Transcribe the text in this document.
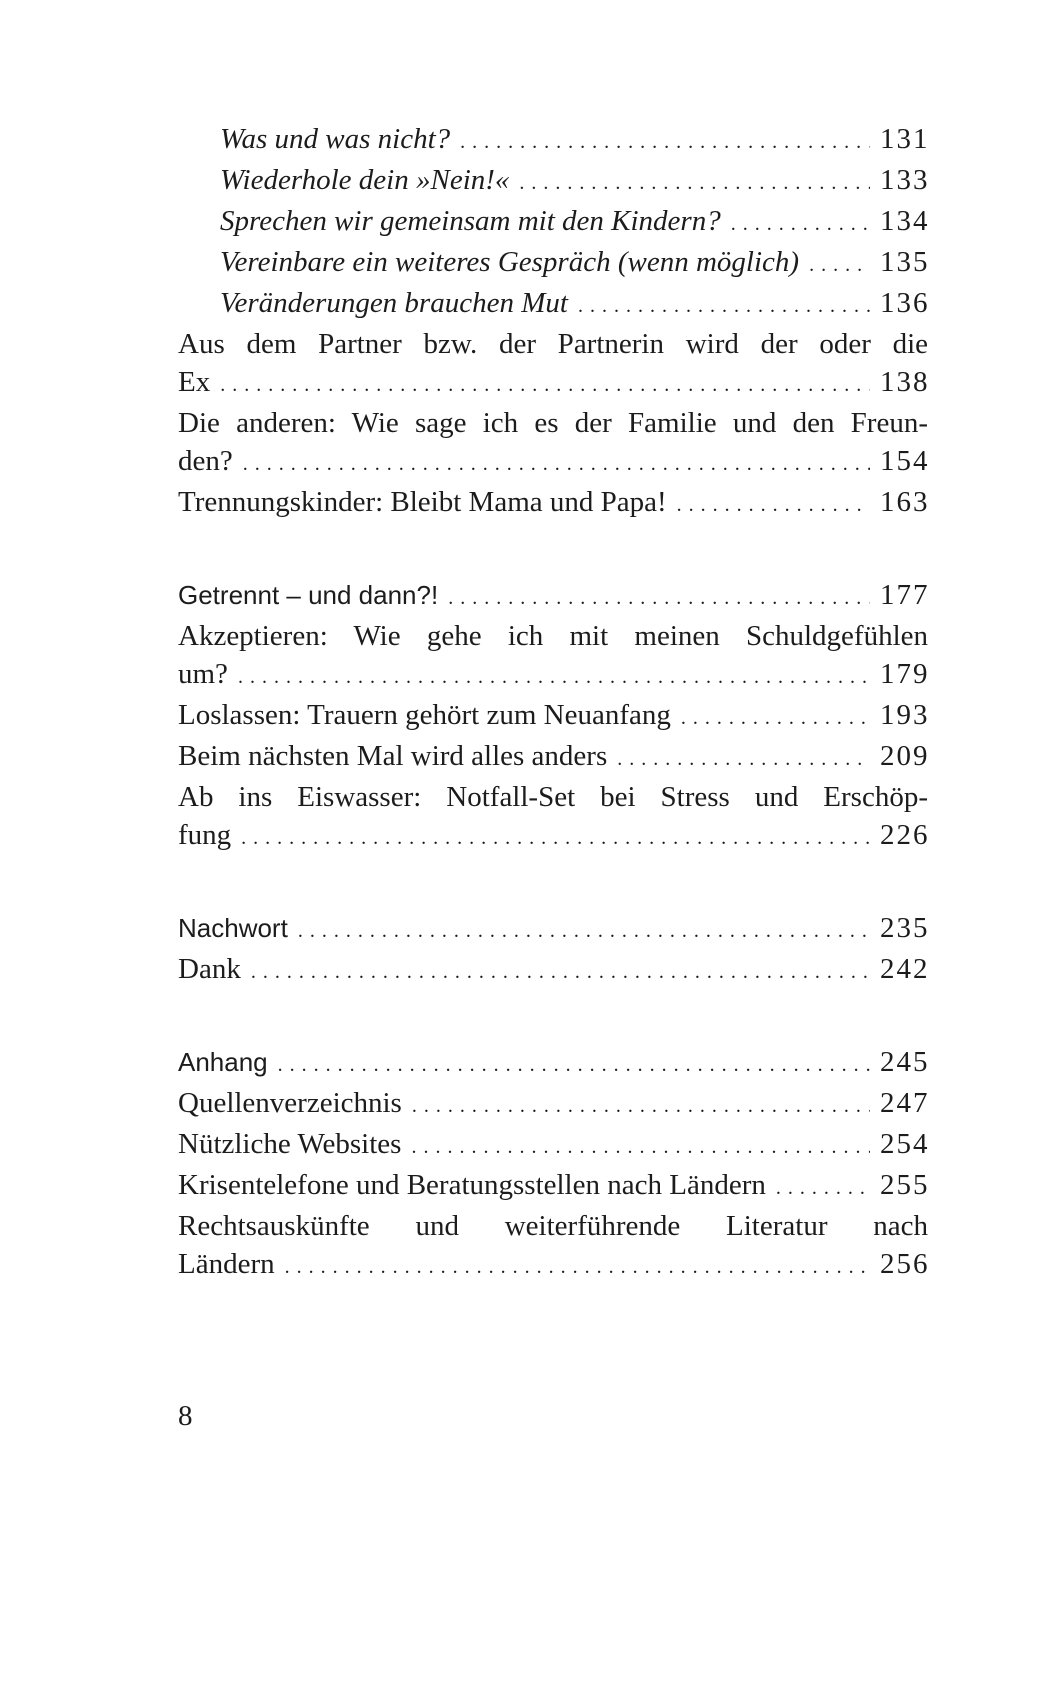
Was und was nicht? . . .	131
Wiederhole dein »Nein!« . . .	133
Sprechen wir gemeinsam mit den Kindern? . . .	134
Vereinbare ein weiteres Gespräch (wenn möglich) . . .	135
Veränderungen brauchen Mut . . .	136
Aus dem Partner bzw. der Partnerin wird der oder die
Ex . . .	138
Die anderen: Wie sage ich es der Familie und den Freun-
den? . . .	154
Trennungskinder: Bleibt Mama und Papa! . . .	163
Getrennt – und dann?! . . .	177
Akzeptieren: Wie gehe ich mit meinen Schuldgefühlen
um? . . .	179
Loslassen: Trauern gehört zum Neuanfang . . .	193
Beim nächsten Mal wird alles anders . . .	209
Ab ins Eiswasser: Notfall-Set bei Stress und Erschöp-
fung . . .	226
Nachwort . . .	235
Dank . . .	242
Anhang . . .	245
Quellenverzeichnis . . .	247
Nützliche Websites . . .	254
Krisentelefone und Beratungsstellen nach Ländern . . .	255
Rechtsauskünfte und weiterführende Literatur nach
Ländern . . .	256
8
